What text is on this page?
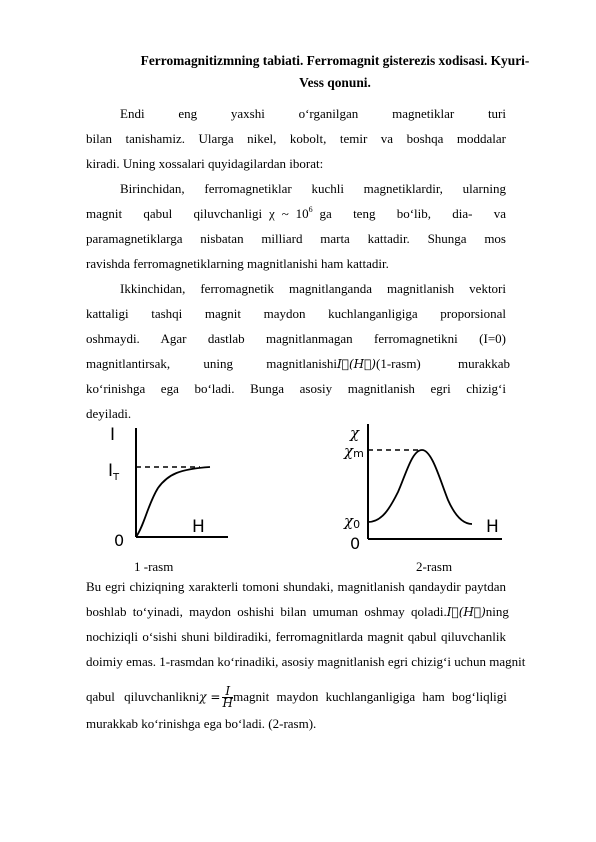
Ferromagnitizmning tabiati. Ferromagnit gisterezis xodisasi. Kyuri-
Vess qonuni.
Endi eng yaxshi o‘rganilgan magnetiklar turi
bilan tanishamiz. Ularga nikel, kobolt, temir va boshqa moddalar
kiradi. Uning xossalari quyidagilardan iborat:
Birinchidan, ferromagnetiklar kuchli magnetiklardir, ularning
magnit qabul qiluvchanligi χ ~ $10^6$ ga teng bo‘lib, dia- va
paramagnetiklarga nisbatan milliard marta kattadir. Shunga mos
ravishda ferromagnetiklarning magnitlanishi ham kattadir.
Ikkinchidan, ferromagnetik magnitlanganda magnitlanish vektori
kattaligi tashqi magnit maydon kuchlanganligiga proporsional
oshmaydi. Agar dastlab magnitlanmagan ferromagnetikni (I=0)
magnitlantirsak, uning magnitlanishi I⃗(H⃗) (1-rasm) murakkab
ko‘rinishga ega bo‘ladi. Bunga asosiy magnitlanish egri chizig‘i
deyiladi.
I
$I_T$
H
0
1 -rasm
χ
χm
χ0	H
0
2-rasm
Bu egri chiziqning xarakterli tomoni shundaki, magnitlanish qandaydir paytdan
boshlab to‘yinadi, maydon oshishi bilan umuman oshmay qoladi. I⃗(H⃗)ning
nochiziqli o‘sishi shuni bildiradiki, ferromagnitlarda magnit qabul qiluvchanlik
doimiy emas. 1-rasmdan ko‘rinadiki, asosiy magnitlanish egri chizig‘i uchun magnit
qabul qiluvchanlikni $\chi = \frac{I}{H}$ magnit maydon kuchlanganligiga ham bog‘liqligi
murakkab ko‘rinishga ega bo‘ladi. (2-rasm).
